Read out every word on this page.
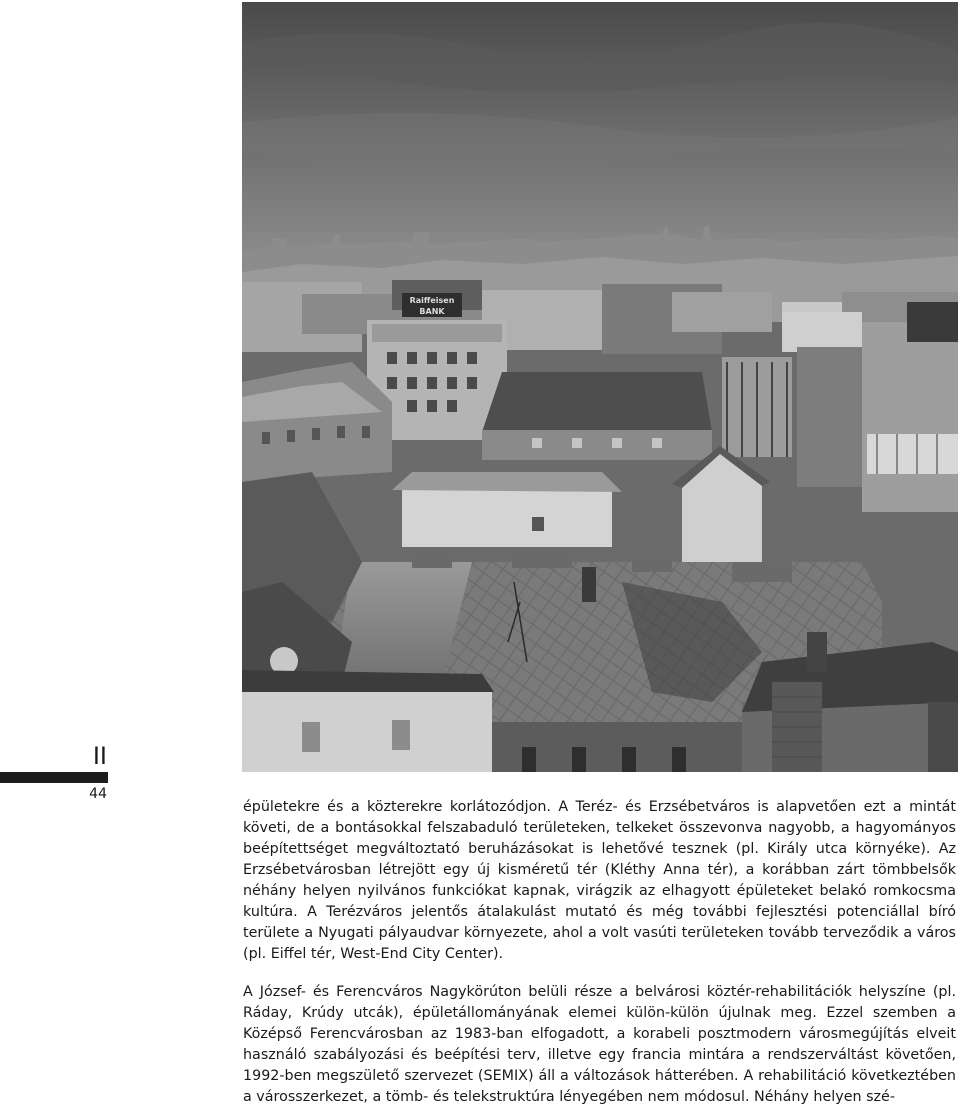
Raiffeisen
BANK
II
44

épületekre és a közterekre korlátozódjon. A Teréz- és Erzsébetváros is alapvetően ezt a mintát követi, de a bontásokkal felszabaduló területeken, telkeket összevonva nagyobb, a hagyományos beépítettséget megváltoztató beruházásokat is lehetővé tesznek (pl. Király utca környéke). Az Erzsébetvárosban létrejött egy új kisméretű tér (Kléthy Anna tér), a korábban zárt tömbbelsők néhány helyen nyilvános funkciókat kapnak, virágzik az elhagyott épületeket belakó romkocsma kultúra. A Terézváros jelentős átalakulást mutató és még további fejlesztési potenciállal bíró területe a Nyugati pályaudvar környezete, ahol a volt vasúti területeken tovább terveződik a város (pl. Eiffel tér, West-End City Center).

A József- és Ferencváros Nagykörúton belüli része a belvárosi köztér-rehabilitációk helyszíne (pl. Ráday, Krúdy utcák), épületállományának elemei külön-külön újulnak meg. Ezzel szemben a Középső Ferencvárosban az 1983-ban elfogadott, a korabeli posztmodern városmegújítás elveit használó szabályozási és beépítési terv, illetve egy francia mintára a rendszerváltást követően, 1992-ben megszülető szervezet (SEMIX) áll a változások hátterében. A rehabilitáció következtében a városszerkezet, a tömb- és telekstruktúra lényegében nem módosul. Néhány helyen szé-
